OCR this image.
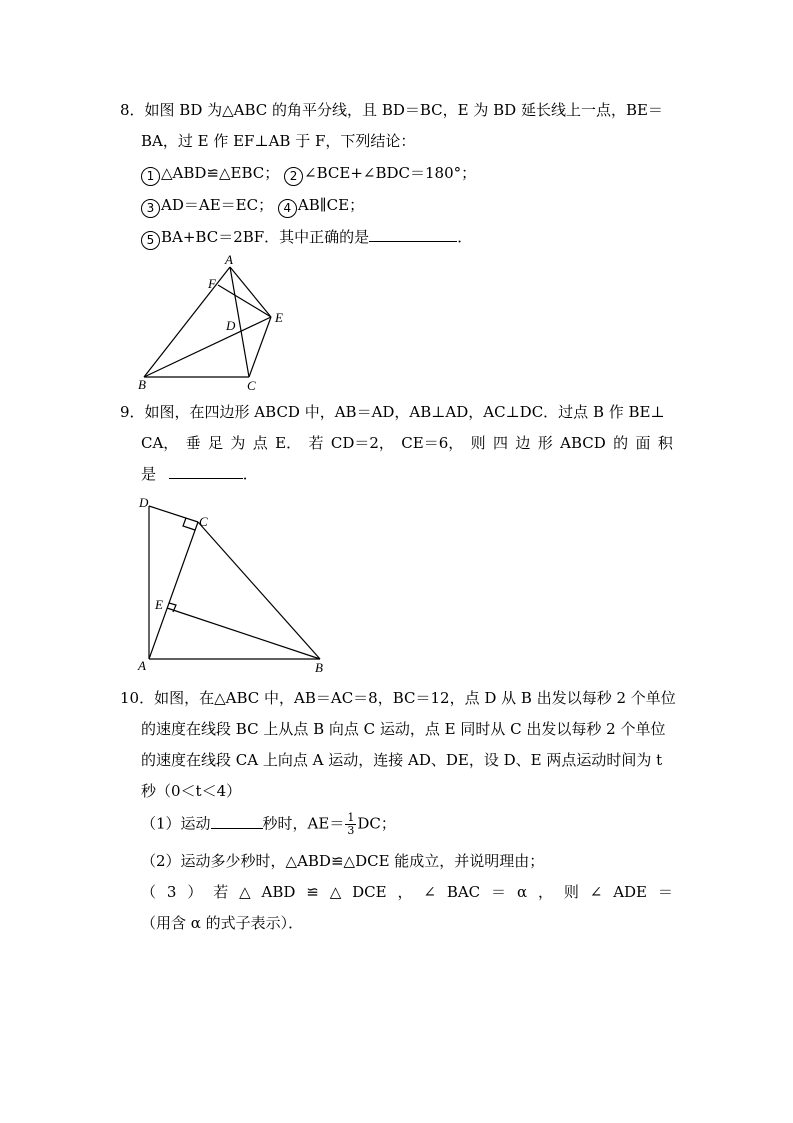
8．如图 BD 为△ABC 的角平分线，且 BD＝BC，E 为 BD 延长线上一点，BE＝
BA，过 E 作 EF⊥AB 于 F，下列结论：
1 △ABD≌△EBC； 2 ∠BCE+∠BDC＝180°；
3 AD＝AE＝EC； 4 AB∥CE；
5 BA+BC＝2BF．其中正确的是	．
A
F
D
E
B	C
9．如图，在四边形 ABCD 中，AB＝AD，AB⊥AD，AC⊥DC．过点 B 作 BE⊥
CA， 垂 足 为 点 E． 若 CD＝2， CE＝6， 则 四 边 形 ABCD 的 面 积
是	．
D
C
E
A	B
10．如图，在△ABC 中，AB＝AC＝8，BC＝12，点 D 从 B 出发以每秒 2 个单位
的速度在线段 BC 上从点 B 向点 C 运动，点 E 同时从 C 出发以每秒 2 个单位
的速度在线段 CA 上向点 A 运动，连接 AD、DE，设 D、E 两点运动时间为 t
秒（0＜t＜4）
（1）运动	秒时，$AE= \frac{1}{3}$ DC；
（2）运动多少秒时，△ABD≌△DCE 能成立，并说明理由；
（ 3 ） 若 △ ABD ≌ △ DCE ， ∠ BAC ＝ α ， 则 ∠ ADE ＝
（用含 α 的式子表示）．
